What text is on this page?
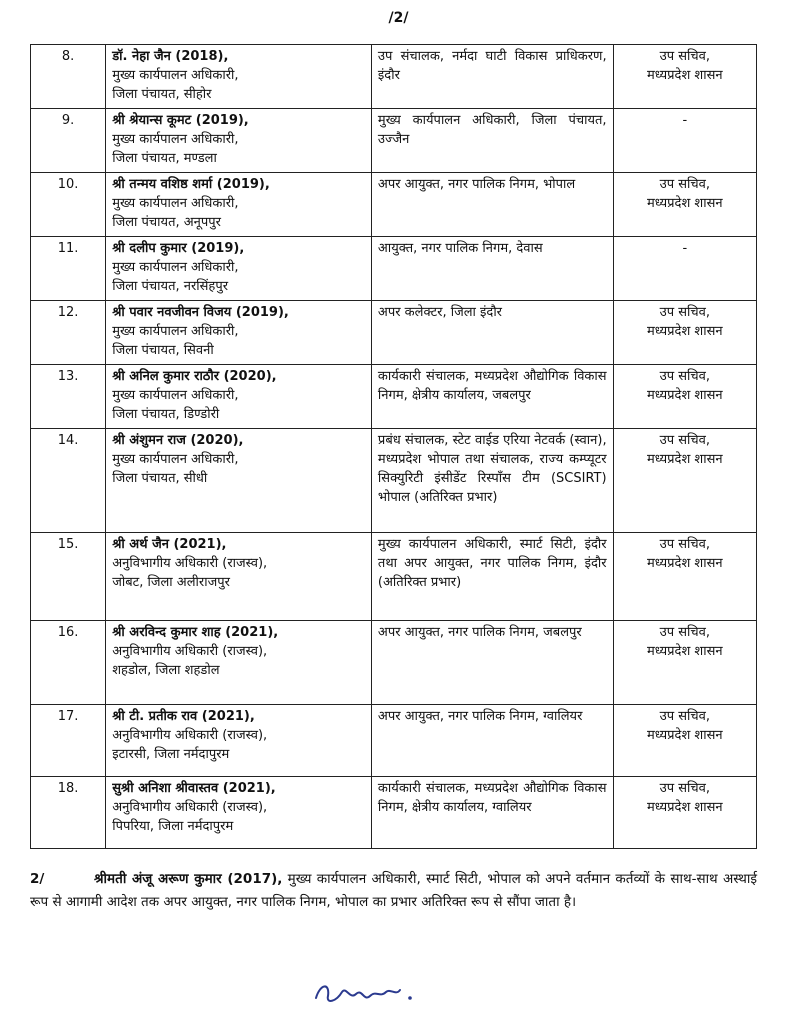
/2/
8.	डॉ. नेहा जैन (2018),
मुख्य कार्यपालन अधिकारी,
जिला पंचायत, सीहोर	उप संचालक, नर्मदा घाटी विकास प्राधिकरण, इंदौर	उप सचिव,
मध्यप्रदेश शासन

9.	श्री श्रेयान्स कूमट (2019),
मुख्य कार्यपालन अधिकारी,
जिला पंचायत, मण्डला	मुख्य कार्यपालन अधिकारी, जिला पंचायत, उज्जैन	-

10.	श्री तन्मय वशिष्ठ शर्मा (2019),
मुख्य कार्यपालन अधिकारी,
जिला पंचायत, अनूपपुर	अपर आयुक्त, नगर पालिक निगम, भोपाल	उप सचिव,
मध्यप्रदेश शासन

11.	श्री दलीप कुमार (2019),
मुख्य कार्यपालन अधिकारी,
जिला पंचायत, नरसिंहपुर	आयुक्त, नगर पालिक निगम, देवास	-

12.	श्री पवार नवजीवन विजय (2019),
मुख्य कार्यपालन अधिकारी,
जिला पंचायत, सिवनी	अपर कलेक्टर, जिला इंदौर	उप सचिव,
मध्यप्रदेश शासन

13.	श्री अनिल कुमार राठौर (2020),
मुख्य कार्यपालन अधिकारी,
जिला पंचायत, डिण्डोरी	कार्यकारी संचालक, मध्यप्रदेश औद्योगिक विकास निगम, क्षेत्रीय कार्यालय, जबलपुर	उप सचिव,
मध्यप्रदेश शासन

14.	श्री अंशुमन राज (2020),
मुख्य कार्यपालन अधिकारी,
जिला पंचायत, सीधी	प्रबंध संचालक, स्टेट वाईड एरिया नेटवर्क (स्वान), मध्यप्रदेश भोपाल तथा संचालक, राज्य कम्प्यूटर सिक्युरिटी इंसीडेंट रिस्पाँस टीम (SCSIRT) भोपाल (अतिरिक्त प्रभार)	उप सचिव,
मध्यप्रदेश शासन

15.	श्री अर्थ जैन (2021),
अनुविभागीय अधिकारी (राजस्व),
जोबट, जिला अलीराजपुर	मुख्य कार्यपालन अधिकारी, स्मार्ट सिटी, इंदौर तथा अपर आयुक्त, नगर पालिक निगम, इंदौर (अतिरिक्त प्रभार)	उप सचिव,
मध्यप्रदेश शासन

16.	श्री अरविन्द कुमार शाह (2021),
अनुविभागीय अधिकारी (राजस्व),
शहडोल, जिला शहडोल	अपर आयुक्त, नगर पालिक निगम, जबलपुर	उप सचिव,
मध्यप्रदेश शासन

17.	श्री टी. प्रतीक राव (2021),
अनुविभागीय अधिकारी (राजस्व),
इटारसी, जिला नर्मदापुरम	अपर आयुक्त, नगर पालिक निगम, ग्वालियर	उप सचिव,
मध्यप्रदेश शासन

18.	सुश्री अनिशा श्रीवास्तव (2021),
अनुविभागीय अधिकारी (राजस्व),
पिपरिया, जिला नर्मदापुरम	कार्यकारी संचालक, मध्यप्रदेश औद्योगिक विकास निगम, क्षेत्रीय कार्यालय, ग्वालियर	उप सचिव,
मध्यप्रदेश शासन
2/	श्रीमती अंजू अरूण कुमार (2017), मुख्य कार्यपालन अधिकारी, स्मार्ट सिटी, भोपाल को अपने वर्तमान कर्तव्यों के साथ-साथ अस्थाई रूप से आगामी आदेश तक अपर आयुक्त, नगर पालिक निगम, भोपाल का प्रभार अतिरिक्त रूप से सौंपा जाता है।
